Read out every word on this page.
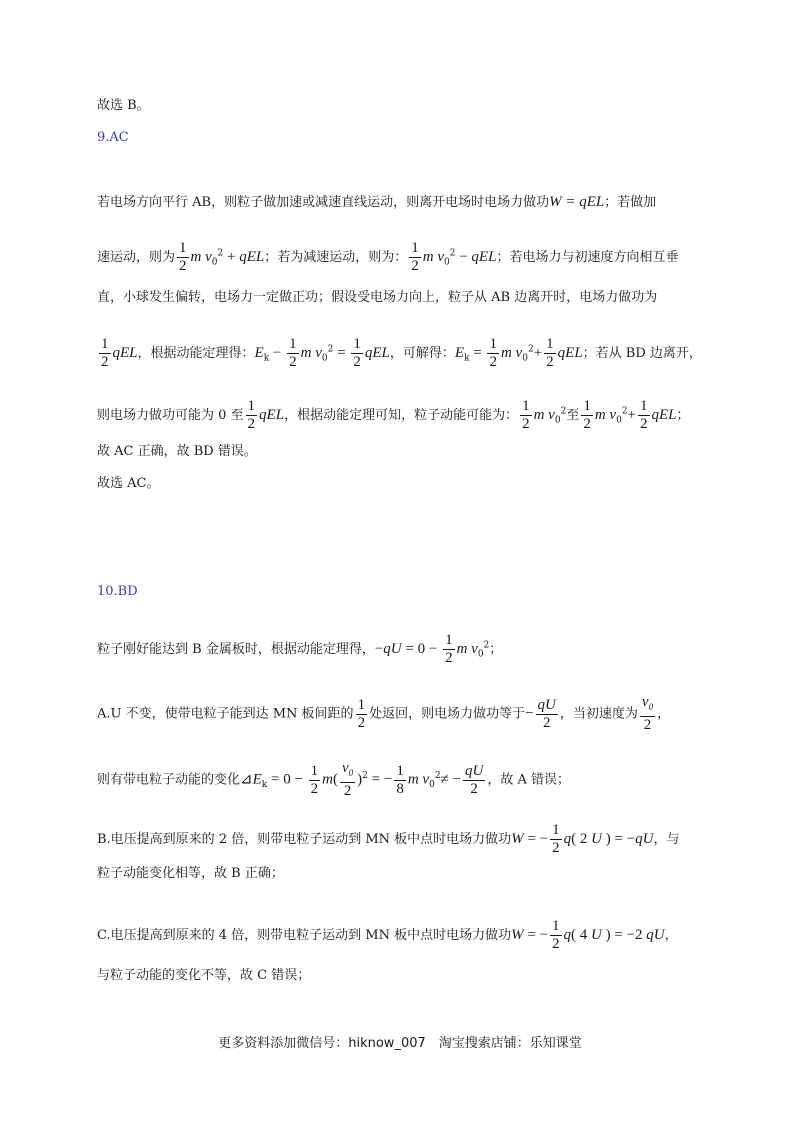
故选 B。
9.AC
若电场方向平行 AB，则粒子做加速或减速直线运动，则离开电场时电场力做功W = qEL；若做加
速运动，则为 $\frac{1}{2}$ m $v_0^2$ + qEL；若为减速运动，则为： $\frac{1}{2}$ m $v_0^2$ − qEL；若电场力与初速度方向相互垂
直，小球发生偏转，电场力一定做正功；假设受电场力向上，粒子从 AB 边离开时，电场力做功为
$\frac{1}{2}$ qEL，根据动能定理得：$E_k - \frac{1}{2}$ m $v_0^2 = \frac{1}{2}$ qEL，可解得：$E_k = \frac{1}{2}$ m $v_0^2+ \frac{1}{2}$ qEL；若从 BD 边离开，
则电场力做功可能为 0 至 $\frac{1}{2}$ qEL，根据动能定理可知，粒子动能可能为： $\frac{1}{2}$ m $v_0^2$至 $\frac{1}{2}$ m $v_0^2+ \frac{1}{2}$ qEL；
故 AC 正确，故 BD 错误。
故选 AC。
10.BD
粒子刚好能达到 B 金属板时，根据动能定理得，$-qU = 0 - \frac{1}{2}$ m $v_0^2$；
A.U 不变，使带电粒子能到达 MN 板间距的 $\frac{1}{2}$ 处返回，则电场力做功等于− $\frac{qU}{2}$ ，当初速度为 $\frac{v_0}{2}$ ，
则有带电粒子动能的变化$⊿E_k = 0 - \frac{1}{2} m( \frac{v_0}{2} )^2$ = − $\frac{1}{8}$ m $v_0^2\ne - \frac{qU}{2}$ ，故 A 错误；
B.电压提高到原来的 2 倍，则带电粒子运动到 MN 板中点时电场力做功W = − $\frac{1}{2} q$( 2 U ) = −qU，与
粒子动能变化相等，故 B 正确；
C.电压提高到原来的 4 倍，则带电粒子运动到 MN 板中点时电场力做功W = − $\frac{1}{2} q$( 4 U ) = −2 qU，
与粒子动能的变化不等，故 C 错误；
更多资料添加微信号：hiknow_007　淘宝搜索店铺：乐知课堂
